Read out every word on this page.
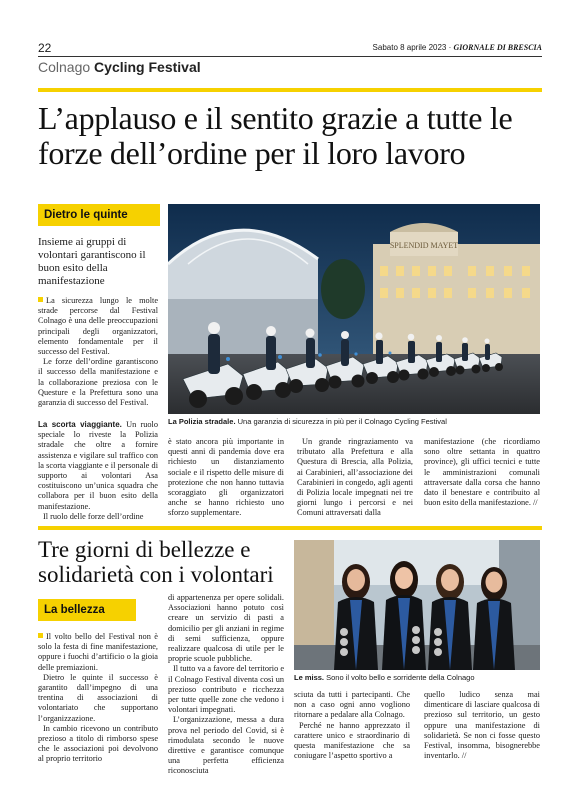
22	Sabato 8 aprile 2023 · GIORNALE DI BRESCIA
Colnago Cycling Festival
L’applauso e il sentito grazie a tutte le forze dell’ordine per il loro lavoro
Dietro le quinte
Insieme ai gruppi di volontari garantiscono il buon esito della manifestazione

La sicurezza lungo le molte strade percorse dal Festival Colnago è una delle preoccupazioni principali degli organizzatori, elemento fondamentale per il successo del Festival.

Le forze dell’ordine garantiscono il successo della manifestazione e la collaborazione preziosa con le Questure e la Prefettura sono una garanzia di successo del Festival.

La scorta viaggiante. Un ruolo speciale lo riveste la Polizia stradale che oltre a fornire assistenza e vigilare sul traffico con la scorta viaggiante e il personale di supporto ai volontari Asa costituiscono un’unica squadra che collabora per il buon esito della manifestazione.

Il ruolo delle forze dell’ordine

SPLENDID MAYET
La Polizia stradale. Una garanzia di sicurezza in più per il Colnago Cycling Festival

è stato ancora più importante in questi anni di pandemia dove era richiesto un distanziamento sociale e il rispetto delle misure di protezione che non hanno tuttavia scoraggiato gli organizzatori anche se hanno richiesto uno sforzo supplementare.

Un grande ringraziamento va tributato alla Prefettura e alla Questura di Brescia, alla Polizia, ai Carabinieri, all’associazione dei Carabinieri in congedo, agli agenti di Polizia locale impegnati nei tre giorni lungo i percorsi e nei Comuni attraversati dalla

manifestazione (che ricordiamo sono oltre settanta in quattro province), gli uffici tecnici e tutte le amministrazioni comunali attraversate dalla corsa che hanno dato il benestare e contribuito al buon esito della manifestazione. //

Tre giorni di bellezze e solidarietà con i volontari
La bellezza

Il volto bello del Festival non è solo la festa di fine manifestazione, oppure i fuochi d’artificio o la gioia delle premiazioni.

Dietro le quinte il successo è garantito dall’impegno di una trentina di associazioni di volontariato che supportano l’organizzazione.

In cambio ricevono un contributo prezioso a titolo di rimborso spese che le associazioni poi devolvono al proprio territorio

di appartenenza per opere solidali. Associazioni hanno potuto così creare un servizio di pasti a domicilio per gli anziani in regime di semi sufficienza, oppure realizzare qualcosa di utile per le proprie scuole pubbliche.

Il tutto va a favore del territorio e il Colnago Festival diventa così un prezioso contributo e ricchezza per tutte quelle zone che vedono i volontari impegnati.

L’organizzazione, messa a dura prova nel periodo del Covid, si è rimodulata secondo le nuove direttive e garantisce comunque una perfetta efficienza riconosciuta

Le miss. Sono il volto bello e sorridente della Colnago

sciuta da tutti i partecipanti. Che non a caso ogni anno vogliono ritornare a pedalare alla Colnago.

Perché ne hanno apprezzato il carattere unico e straordinario di questa manifestazione che sa coniugare l’aspetto sportivo a

quello ludico senza mai dimenticare di lasciare qualcosa di prezioso sul territorio, un gesto oppure una manifestazione di solidarietà. Se non ci fosse questo Festival, insomma, bisognerebbe inventarlo. //
